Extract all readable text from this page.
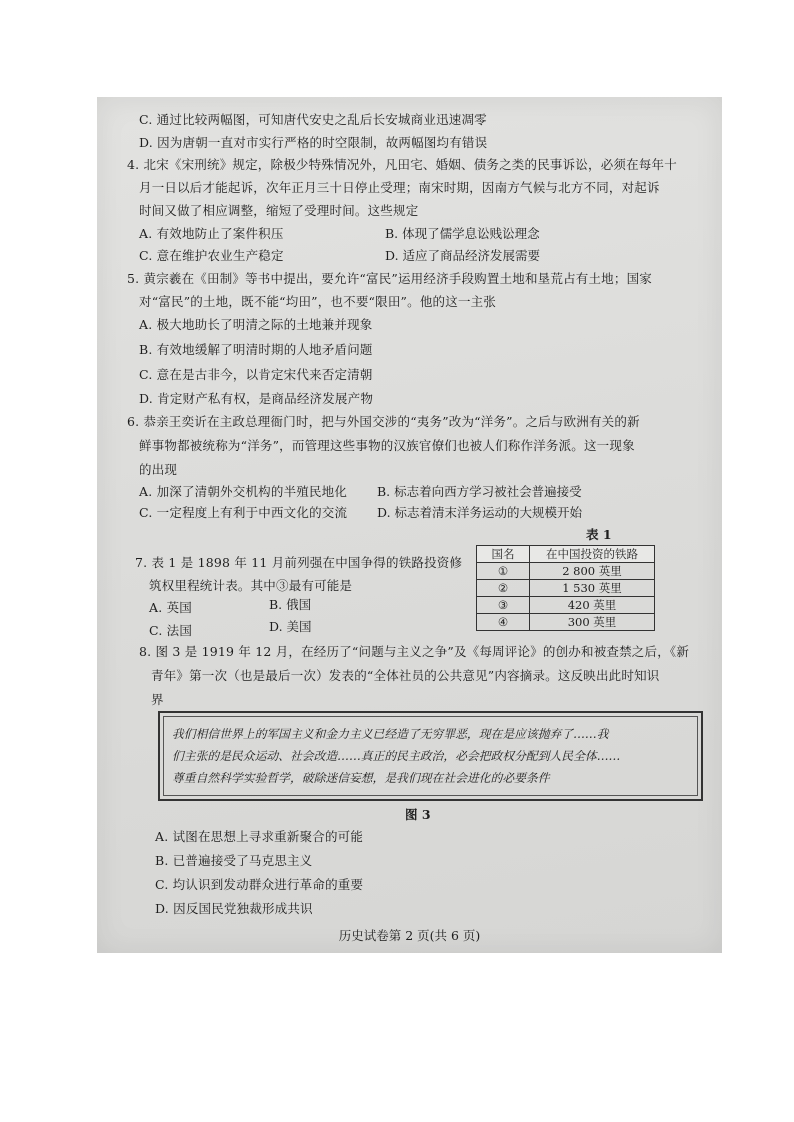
C. 通过比较两幅图，可知唐代安史之乱后长安城商业迅速凋零
D. 因为唐朝一直对市实行严格的时空限制，故两幅图均有错误
4. 北宋《宋刑统》规定，除极少特殊情况外，凡田宅、婚姻、债务之类的民事诉讼，必须在每年十
月一日以后才能起诉，次年正月三十日停止受理；南宋时期，因南方气候与北方不同，对起诉
时间又做了相应调整，缩短了受理时间。这些规定
A. 有效地防止了案件积压	B. 体现了儒学息讼贱讼理念
C. 意在维护农业生产稳定	D. 适应了商品经济发展需要
5. 黄宗羲在《田制》等书中提出，要允许“富民”运用经济手段购置土地和垦荒占有土地；国家
对“富民”的土地，既不能“均田”，也不要“限田”。他的这一主张
A. 极大地助长了明清之际的土地兼并现象
B. 有效地缓解了明清时期的人地矛盾问题
C. 意在是古非今，以肯定宋代来否定清朝
D. 肯定财产私有权，是商品经济发展产物
6. 恭亲王奕䜣在主政总理衙门时，把与外国交涉的“夷务”改为“洋务”。之后与欧洲有关的新
鲜事物都被统称为“洋务”，而管理这些事物的汉族官僚们也被人们称作洋务派。这一现象
的出现
A. 加深了清朝外交机构的半殖民地化 B. 标志着向西方学习被社会普遍接受
C. 一定程度上有利于中西文化的交流 D. 标志着清末洋务运动的大规模开始
表 1
国名	在中国投资的铁路
①	2 800 英里
②	1 530 英里
③	420 英里
④	300 英里
7. 表 1 是 1898 年 11 月前列强在中国争得的铁路投资修
筑权里程统计表。其中③最有可能是
A. 英国	B. 俄国
C. 法国	D. 美国
8. 图 3 是 1919 年 12 月，在经历了“问题与主义之争”及《每周评论》的创办和被查禁之后，《新
青年》第一次（也是最后一次）发表的“全体社员的公共意见”内容摘录。这反映出此时知识
界
我们相信世界上的军国主义和金力主义已经造了无穷罪恶，现在是应该抛弃了……我
们主张的是民众运动、社会改造……真正的民主政治，必会把政权分配到人民全体……
尊重自然科学实验哲学，破除迷信妄想，是我们现在社会进化的必要条件
图 3
A. 试图在思想上寻求重新聚合的可能
B. 已普遍接受了马克思主义
C. 均认识到发动群众进行革命的重要
D. 因反国民党独裁形成共识
历史试卷第 2 页(共 6 页)
